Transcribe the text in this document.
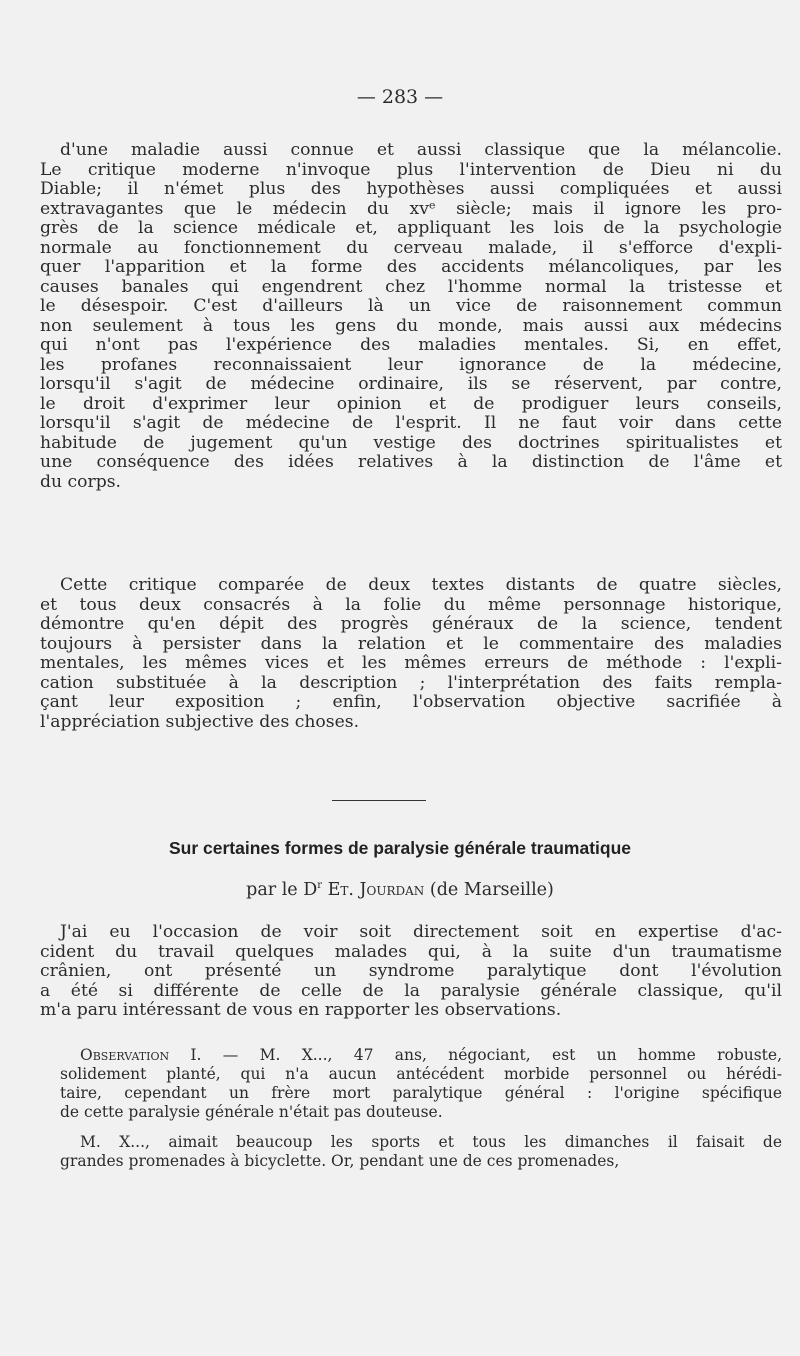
— 283 —

d'une maladie aussi connue et aussi classique que la mélancolie.
Le critique moderne n'invoque plus l'intervention de Dieu ni du
Diable; il n'émet plus des hypothèses aussi compliquées et aussi
extravagantes que le médecin du xvᵉ siècle; mais il ignore les pro-
grès de la science médicale et, appliquant les lois de la psychologie
normale au fonctionnement du cerveau malade, il s'efforce d'expli-
quer l'apparition et la forme des accidents mélancoliques, par les
causes banales qui engendrent chez l'homme normal la tristesse et
le désespoir. C'est d'ailleurs là un vice de raisonnement commun
non seulement à tous les gens du monde, mais aussi aux médecins
qui n'ont pas l'expérience des maladies mentales. Si, en effet,
les profanes reconnaissaient leur ignorance de la médecine,
lorsqu'il s'agit de médecine ordinaire, ils se réservent, par contre,
le droit d'exprimer leur opinion et de prodiguer leurs conseils,
lorsqu'il s'agit de médecine de l'esprit. Il ne faut voir dans cette
habitude de jugement qu'un vestige des doctrines spiritualistes et
une conséquence des idées relatives à la distinction de l'âme et
du corps.

Cette critique comparée de deux textes distants de quatre siècles,
et tous deux consacrés à la folie du même personnage historique,
démontre qu'en dépit des progrès généraux de la science, tendent
toujours à persister dans la relation et le commentaire des maladies
mentales, les mêmes vices et les mêmes erreurs de méthode : l'expli-
cation substituée à la description ; l'interprétation des faits rempla-
çant leur exposition ; enfin, l'observation objective sacrifiée à
l'appréciation subjective des choses.

Sur certaines formes de paralysie générale traumatique
par le $D^r$ Et. Jourdan (de Marseille)

J'ai eu l'occasion de voir soit directement soit en expertise d'ac-
cident du travail quelques malades qui, à la suite d'un traumatisme
crânien, ont présenté un syndrome paralytique dont l'évolution
a été si différente de celle de la paralysie générale classique, qu'il
m'a paru intéressant de vous en rapporter les observations.

Observation I. — M. X..., 47 ans, négociant, est un homme robuste,
solidement planté, qui n'a aucun antécédent morbide personnel ou hérédi-
taire, cependant un frère mort paralytique général : l'origine spécifique
de cette paralysie générale n'était pas douteuse.

M. X..., aimait beaucoup les sports et tous les dimanches il faisait de
grandes promenades à bicyclette. Or, pendant une de ces promenades,
